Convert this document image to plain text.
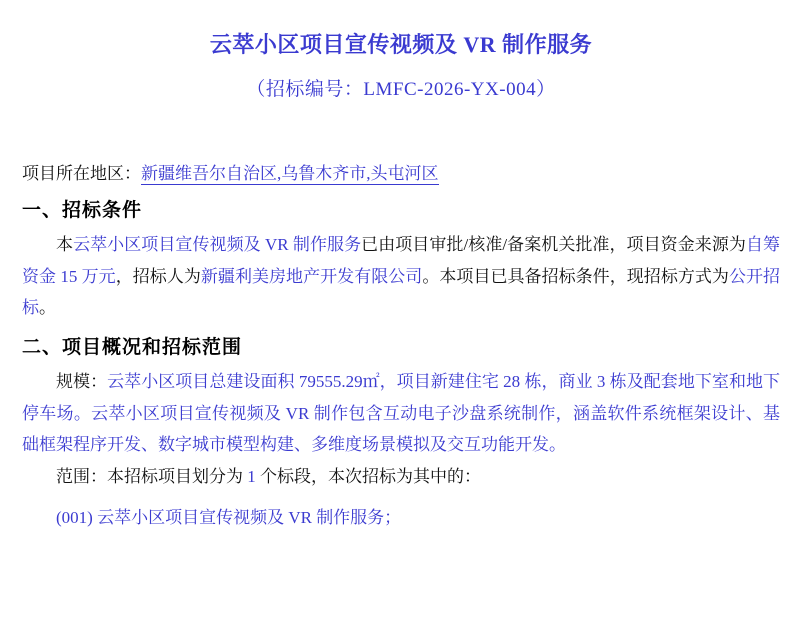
云萃小区项目宣传视频及 VR 制作服务
（招标编号：LMFC-2026-YX-004）
项目所在地区：新疆维吾尔自治区,乌鲁木齐市,头屯河区
一、招标条件

本云萃小区项目宣传视频及 VR 制作服务已由项目审批/核准/备案机关批准，项目资金来源为自筹资金 15 万元，招标人为新疆利美房地产开发有限公司。本项目已具备招标条件，现招标方式为公开招标。

二、项目概况和招标范围

规模：云萃小区项目总建设面积 79555.29㎡，项目新建住宅 28 栋，商业 3 栋及配套地下室和地下停车场。云萃小区项目宣传视频及 VR 制作包含互动电子沙盘系统制作，涵盖软件系统框架设计、基础框架程序开发、数字城市模型构建、多维度场景模拟及交互功能开发。

范围：本招标项目划分为 1 个标段，本次招标为其中的：

(001) 云萃小区项目宣传视频及 VR 制作服务；
